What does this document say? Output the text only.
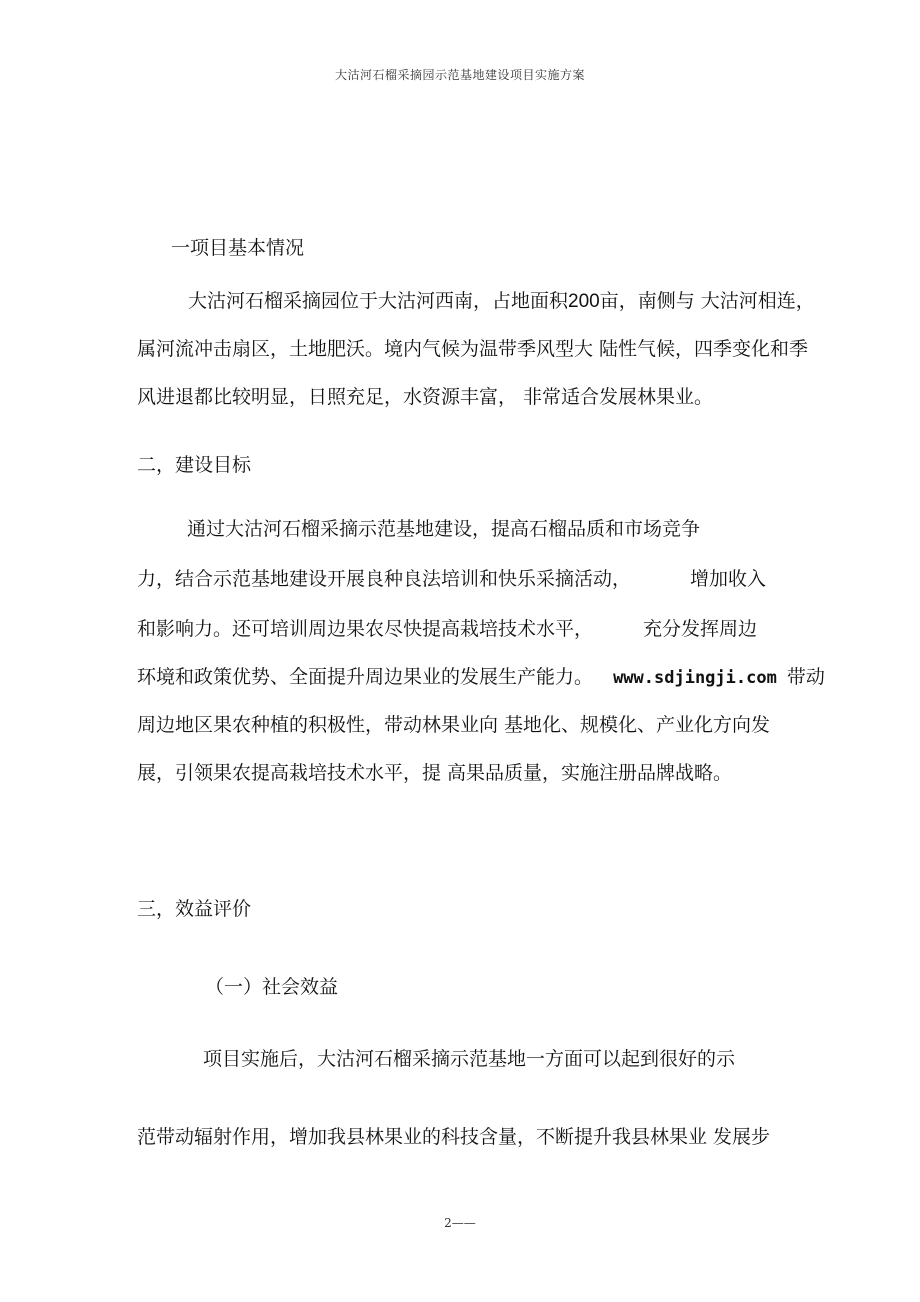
大沽河石榴采摘园示范基地建设项目实施方案
一项目基本情况
大沽河石榴采摘园位于大沽河西南，占地面积200亩，南侧与 大沽河相连，
属河流冲击扇区，土地肥沃。境内气候为温带季风型大 陆性气候，四季变化和季
风进退都比较明显，日照充足，水资源丰富， 非常适合发展林果业。
二，建设目标
通过大沽河石榴采摘示范基地建设，提高石榴品质和市场竞争
力，结合示范基地建设开展良种良法培训和快乐采摘活动，	增加收入
和影响力。还可培训周边果农尽快提高栽培技术水平，	充分发挥周边
环境和政策优势、全面提升周边果业的发展生产能力。 www.sdjingji.com 带动
周边地区果农种植的积极性，带动林果业向 基地化、规模化、产业化方向发
展，引领果农提高栽培技术水平，提 高果品质量，实施注册品牌战略。
三，效益评价
（一）社会效益
项目实施后，大沽河石榴采摘示范基地一方面可以起到很好的示
范带动辐射作用，增加我县林果业的科技含量，不断提升我县林果业 发展步
2——
